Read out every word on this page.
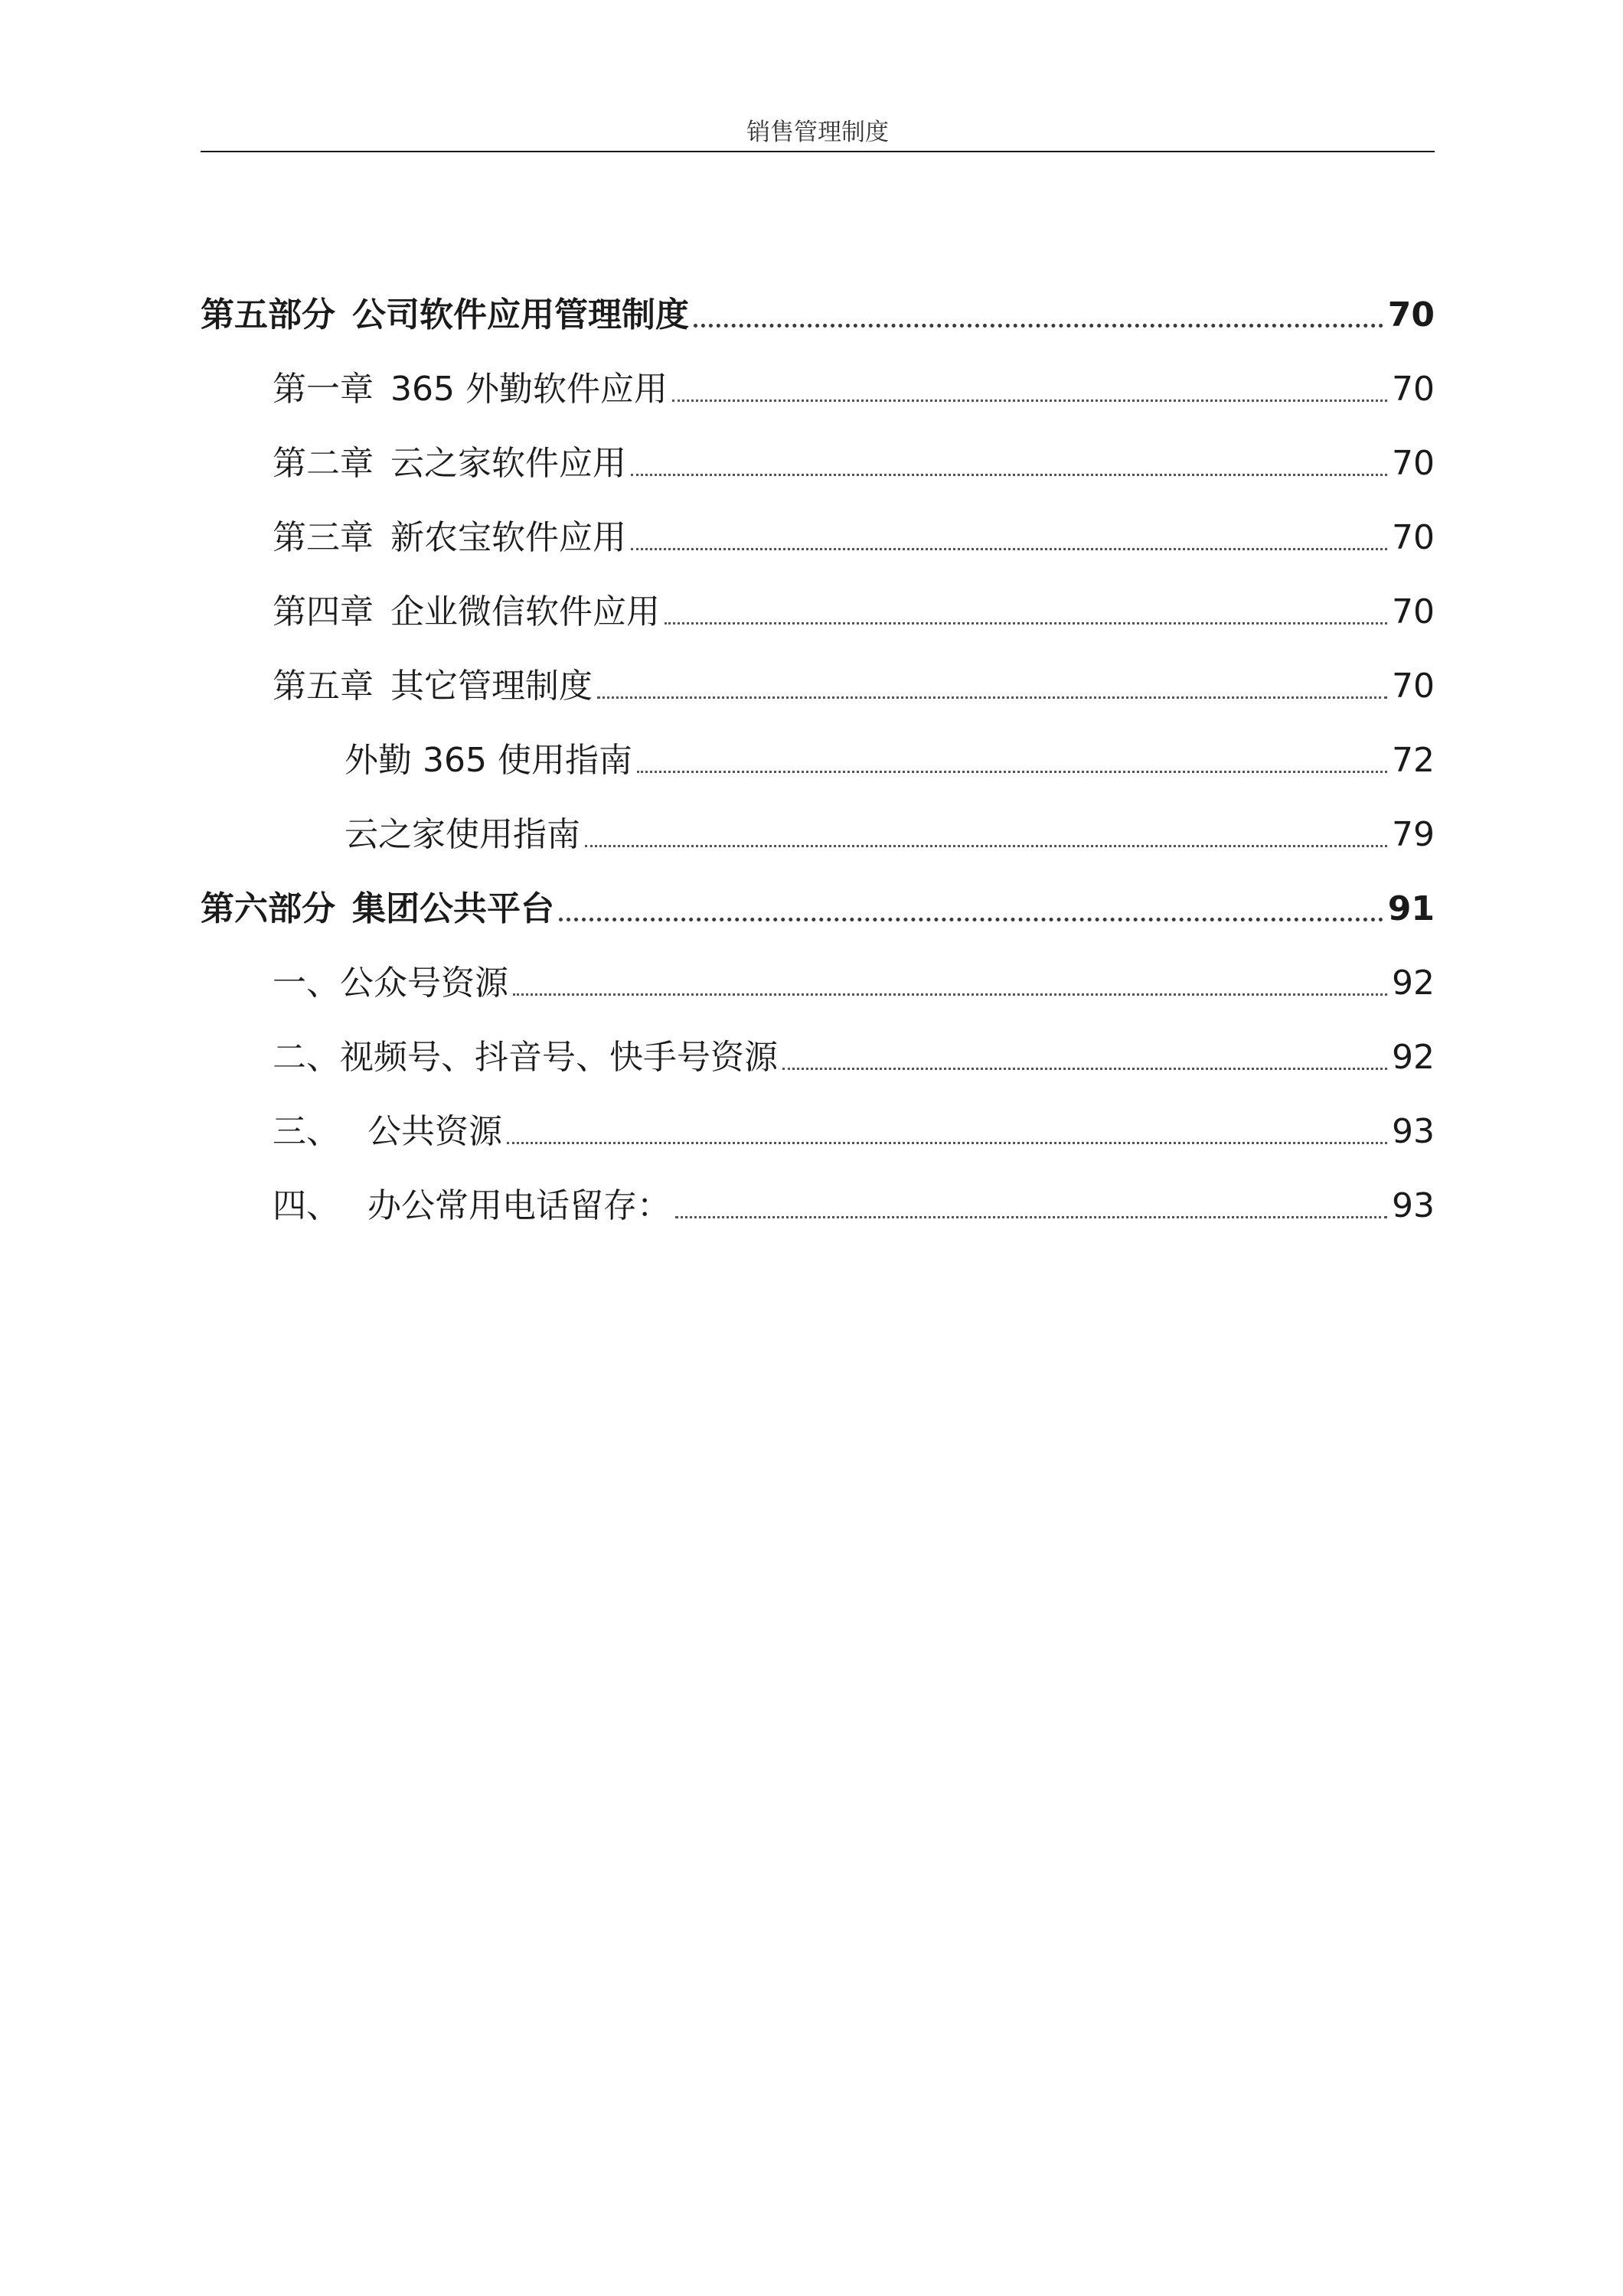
销售管理制度
第五部分 公司软件应用管理制度	70
第一章 365 外勤软件应用	70
第二章 云之家软件应用	70
第三章 新农宝软件应用	70
第四章 企业微信软件应用	70
第五章 其它管理制度	70
外勤 365 使用指南	72
云之家使用指南	79
第六部分 集团公共平台	91
一、公众号资源	92
二、视频号、抖音号、快手号资源	92
三、 公共资源	93
四、 办公常用电话留存：	93
